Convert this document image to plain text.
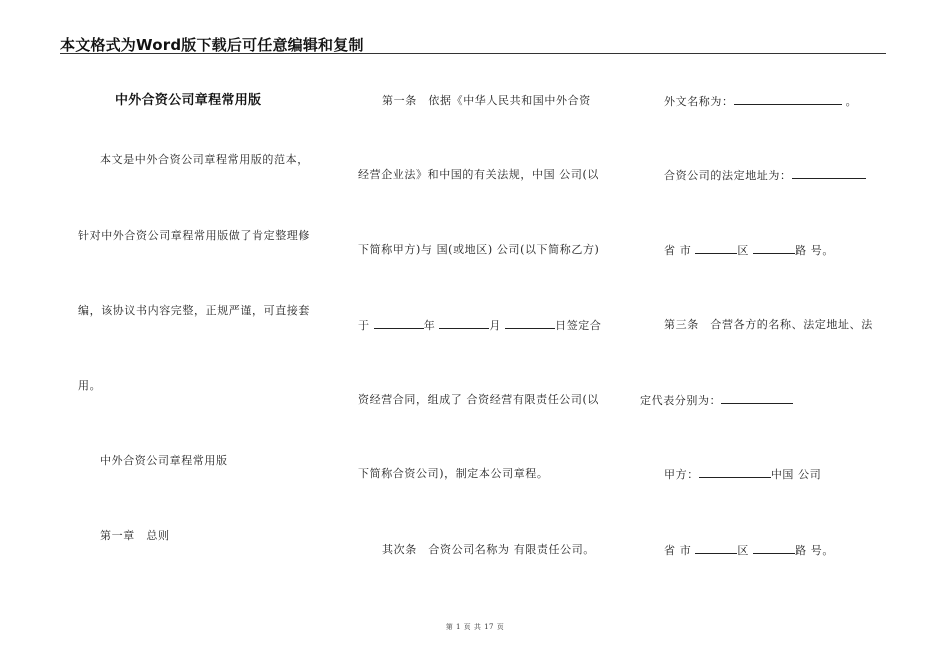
本文格式为Word版下载后可任意编辑和复制
中外合资公司章程常用版
本文是中外合资公司章程常用版的范本，
针对中外合资公司章程常用版做了肯定整理修
编，该协议书内容完整，正规严谨，可直接套
用。
中外合资公司章程常用版
第一章　总则
第一条　依据《中华人民共和国中外合资
经营企业法》和中国的有关法规，中国 公司(以
下简称甲方)与 国(或地区) 公司(以下简称乙方)
于	年	月	日签定合
资经营合同，组成了 合资经营有限责任公司(以
下简称合资公司)，制定本公司章程。
其次条　合资公司名称为 有限责任公司。
外文名称为：	。
合资公司的法定地址为：
省 市	区	路 号。
第三条　合营各方的名称、法定地址、法
定代表分别为：
甲方：	中国 公司
省 市	区	路 号。
第 1 页 共 17 页
